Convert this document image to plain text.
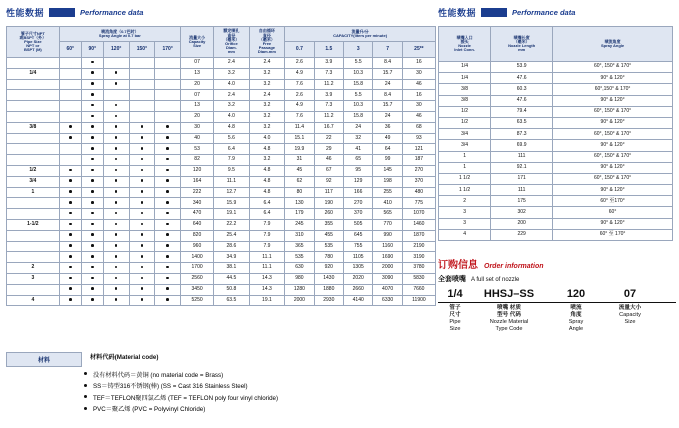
性能数据	Performance data	性能数据	Performance data
管子尺寸NPT
或BSPT（外）
Pipe Size
NPT or
BSPT (M)

喷流角度（0.7巴时）
Spray Angle at 0.7 bar	流量大小
Capacity
Size

额定喷孔
直径
（毫米）
Orifice
Diam.
mm

自由循环
直径
（毫米）
Free
Passage
Diam.mm

流量升/分
CAPACITY(liters per minute)

	60°	90°	120°	150°	170°				0.7	1.5	3	7	25**
						07	2.4	2.4	2.6	3.9	5.5	8.4	16
1/4						13	3.2	3.2	4.9	7.3	10.3	15.7	30
						20	4.0	3.2	7.6	11.2	15.8	24	46
						07	2.4	2.4	2.6	3.9	5.5	8.4	16
						13	3.2	3.2	4.9	7.3	10.3	15.7	30
						20	4.0	3.2	7.6	11.2	15.8	24	46
3/8						30	4.8	3.2	11.4	16.7	24	36	68
						40	5.6	4.0	15.1	22	32	49	93
						53	6.4	4.8	19.9	29	41	64	121
						82	7.9	3.2	31	46	65	99	187
1/2						120	9.5	4.8	45	67	95	145	270
3/4						164	11.1	4.8	62	92	129	198	370
1						222	12.7	4.8	80	117	166	255	480
						340	15.9	6.4	130	190	270	410	775
						470	19.1	6.4	179	260	370	565	1070
1-1/2						640	22.2	7.9	245	355	505	770	1460
						820	25.4	7.9	310	455	645	990	1870
						960	28.6	7.9	365	535	755	1160	2190
						1400	34.9	11.1	535	780	1105	1690	3190
2						1700	38.1	11.1	630	920	1305	2000	3780
3						2560	44.5	14.3	980	1430	2020	3090	5830
						3450	50.8	14.3	1280	1880	2660	4070	7660
4						5250	63.5	19.1	2000	2930	4140	6330	11900
喷嘴入口
接头
Nozzle
Inlet Conn.	喷嘴长度
（毫米）
Nozzle Length
mm	喷流角度
Spray Angle

1/4	53.9	60°, 150° & 170°
1/4	47.6	90° & 120°
3/8	60.3	60°,150° & 170°
3/8	47.6	90° & 120°
1/2	79.4	60°, 150° & 170°
1/2	63.5	90° & 120°
3/4	87.3	60°, 150° & 170°
3/4	69.9	90° & 120°
1	111	60°, 150° & 170°
1	92.1	90° & 120°
1 1/2	171	60°, 150° & 170°
1 1/2	111	90° & 120°
2	175	60° 至170°
3	302	60°
3	200	90° & 120°
4	229	60° 至 170°
材料	材料代码(Material code)
没有材料代码＝黄铜 (no material code = Brass)
SS＝铸型316不锈钢(棒) (SS = Cast 316 Stainless Steel)
TEF＝TEFLON聚四氯乙烯 (TEF = TEFLON poly four vinyl chloride)
PVC＝聚乙烯 (PVC = Polyvinyl Chloride)
订购信息 Order information
全套喷嘴 A full set of nozzle
1/4	HHSJ–SS	120	07
管子
尺寸
Pipe
Size
喷嘴 材质
型号 代码
Nozzle Material
Type Code
喷流
角度
Spray
Angle
流量大小
Capacity
Size
